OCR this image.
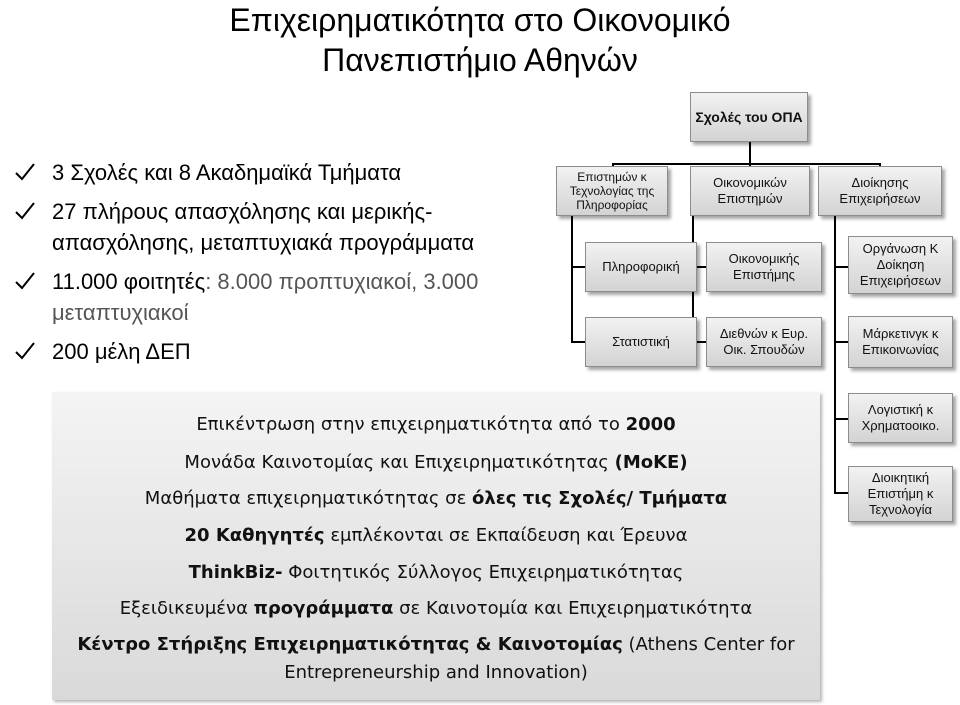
Επιχειρηματικότητα στο Οικονομικό
Πανεπιστήμιο Αθηνών
3 Σχολές και 8 Ακαδημαϊκά Τμήματα
27 πλήρους απασχόλησης και μερικής-απασχόλησης, μεταπτυχιακά προγράμματα
11.000 φοιτητές: 8.000 προπτυχιακοί, 3.000 μεταπτυχιακοί
200 μέλη ΔΕΠ
Σχολές του ΟΠΑ
Επιστημών κ Τεχνολογίας της Πληροφορίας
Οικονομικών Επιστημών
Διοίκησης Επιχειρήσεων
Πληροφορική
Στατιστική
Οικονομικής Επιστήμης
Διεθνών κ Ευρ. Οικ. Σπουδών
Οργάνωση Κ Δοίκηση Επιχειρήσεων
Μάρκετινγκ κ Επικοινωνίας
Λογιστική κ Χρηματοοικο.
Διοικητική Επιστήμη κ Τεχνολογία
Επικέντρωση στην επιχειρηματικότητα από το 2000
Μονάδα Καινοτομίας και Επιχειρηματικότητας (ΜοΚΕ)
Μαθήματα επιχειρηματικότητας σε όλες τις Σχολές/ Τμήματα
20 Καθηγητές εμπλέκονται σε Εκπαίδευση και Έρευνα
ThinkBiz- Φοιτητικός Σύλλογος Επιχειρηματικότητας
Εξειδικευμένα προγράμματα σε Καινοτομία και Επιχειρηματικότητα
Κέντρο Στήριξης Επιχειρηματικότητας & Καινοτομίας (Athens Center for
Entrepreneurship and Innovation)
